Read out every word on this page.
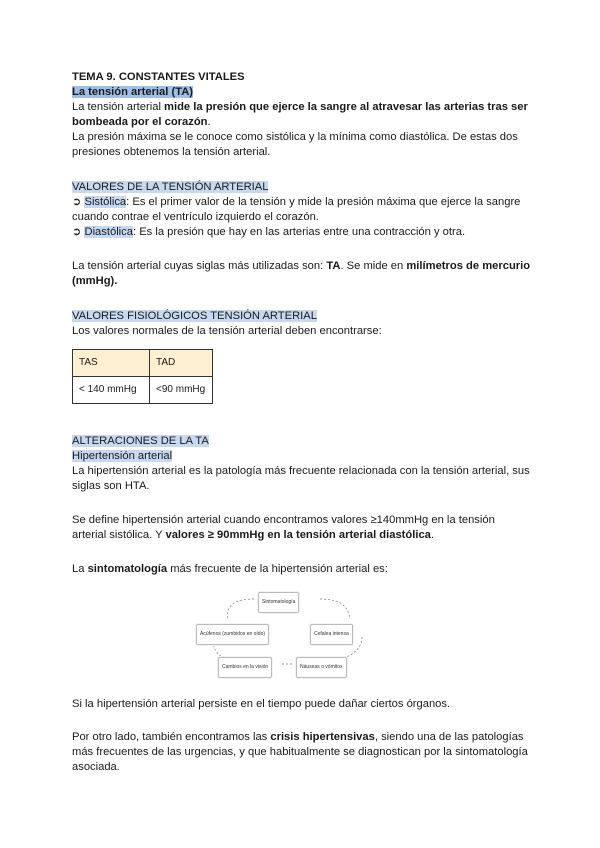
TEMA 9. CONSTANTES VITALES
La tensión arterial (TA)
La tensión arterial mide la presión que ejerce la sangre al atravesar las arterias tras ser bombeada por el corazón.
La presión máxima se le conoce como sistólica y la mínima como diastólica. De estas dos presiones obtenemos la tensión arterial.
VALORES DE LA TENSIÓN ARTERIAL
➲ Sistólica: Es el primer valor de la tensión y mide la presión máxima que ejerce la sangre cuando contrae el ventrículo izquierdo el corazón.
➲ Diastólica: Es la presión que hay en las arterias entre una contracción y otra.
La tensión arterial cuyas siglas más utilizadas son: TA. Se mide en milímetros de mercurio (mmHg).
VALORES FISIOLÓGICOS TENSIÓN ARTERIAL
Los valores normales de la tensión arterial deben encontrarse:
TAS	TAD
< 140 mmHg	<90 mmHg
ALTERACIONES DE LA TA
Hipertensión arterial
La hipertensión arterial es la patología más frecuente relacionada con la tensión arterial, sus siglas son HTA.
Se define hipertensión arterial cuando encontramos valores ≥140mmHg en la tensión arterial sistólica. Y valores ≥ 90mmHg en la tensión arterial diastólica.
La sintomatología más frecuente de la hipertensión arterial es:
Sintomatología
Acúfenos (zumbidos en oído)	Cefalea intensa
Cambios en la visión	Náuseas o vómitos
Si la hipertensión arterial persiste en el tiempo puede dañar ciertos órganos.
Por otro lado, también encontramos las crisis hipertensivas, siendo una de las patologías más frecuentes de las urgencias, y que habitualmente se diagnostican por la sintomatología asociada.
